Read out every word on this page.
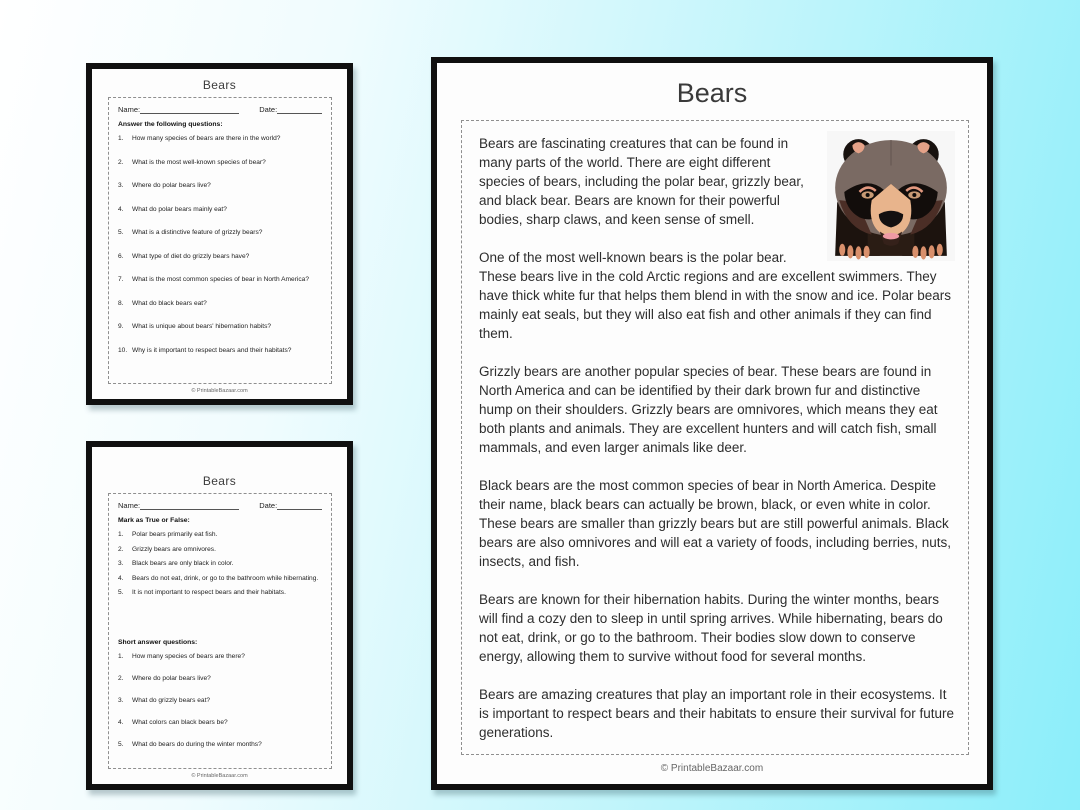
Bears
Name:	Date:

Answer the following questions:

How many species of bears are there in the world?
What is the most well-known species of bear?
Where do polar bears live?
What do polar bears mainly eat?
What is a distinctive feature of grizzly bears?
What type of diet do grizzly bears have?
What is the most common species of bear in North America?
What do black bears eat?
What is unique about bears' hibernation habits?
Why is it important to respect bears and their habitats?
© PrintableBazaar.com
Bears
Name:	Date:

Mark as True or False:

Polar bears primarily eat fish.
Grizzly bears are omnivores.
Black bears are only black in color.
Bears do not eat, drink, or go to the bathroom while hibernating.
It is not important to respect bears and their habitats.

Short answer questions:

How many species of bears are there?
Where do polar bears live?
What do grizzly bears eat?
What colors can black bears be?
What do bears do during the winter months?
© PrintableBazaar.com
Bears

Bears are fascinating creatures that can be found in many parts of the world. There are eight different species of bears, including the polar bear, grizzly bear, and black bear. Bears are known for their powerful bodies, sharp claws, and keen sense of smell.

One of the most well-known bears is the polar bear. These bears live in the cold Arctic regions and are excellent swimmers. They have thick white fur that helps them blend in with the snow and ice. Polar bears mainly eat seals, but they will also eat fish and other animals if they can find them.

Grizzly bears are another popular species of bear. These bears are found in North America and can be identified by their dark brown fur and distinctive hump on their shoulders. Grizzly bears are omnivores, which means they eat both plants and animals. They are excellent hunters and will catch fish, small mammals, and even larger animals like deer.

Black bears are the most common species of bear in North America. Despite their name, black bears can actually be brown, black, or even white in color. These bears are smaller than grizzly bears but are still powerful animals. Black bears are also omnivores and will eat a variety of foods, including berries, nuts, insects, and fish.

Bears are known for their hibernation habits. During the winter months, bears will find a cozy den to sleep in until spring arrives. While hibernating, bears do not eat, drink, or go to the bathroom. Their bodies slow down to conserve energy, allowing them to survive without food for several months.

Bears are amazing creatures that play an important role in their ecosystems. It is important to respect bears and their habitats to ensure their survival for future generations.

© PrintableBazaar.com
